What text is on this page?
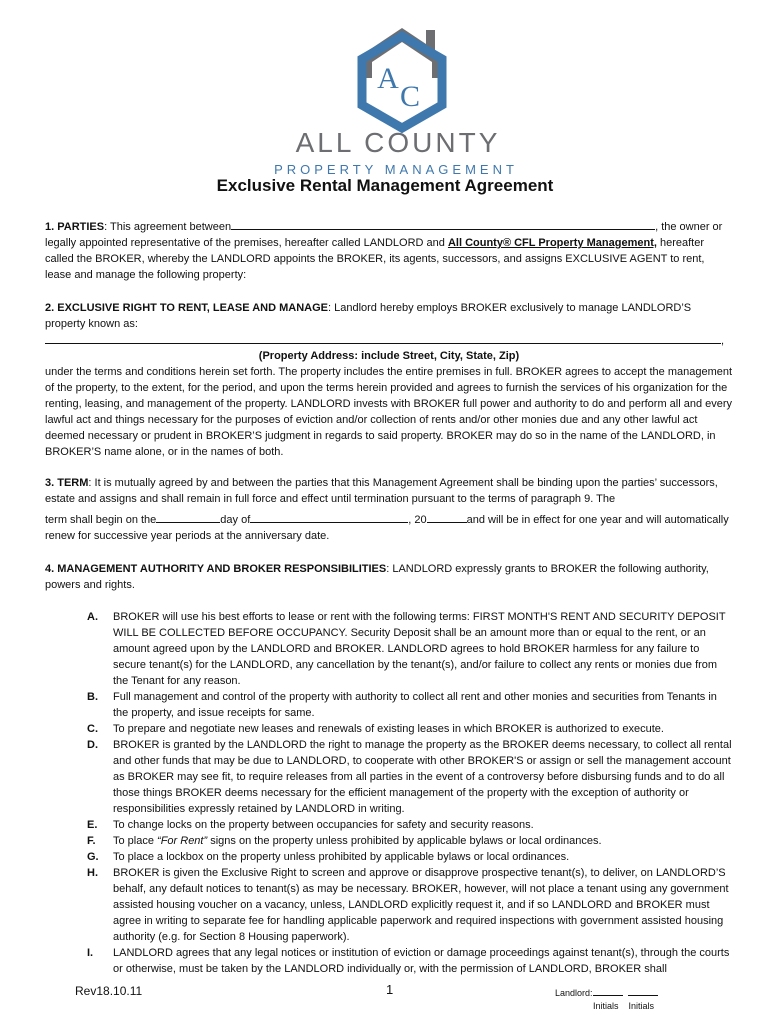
A
C
ALL COUNTY
PROPERTY MANAGEMENT
Exclusive Rental Management Agreement

1. PARTIES: This agreement between	, the owner or legally appointed representative of the premises, hereafter called LANDLORD and All County® CFL Property Management, hereafter called the BROKER, whereby the LANDLORD appoints the BROKER, its agents, successors, and assigns EXCLUSIVE AGENT to rent, lease and manage the following property:

2. EXCLUSIVE RIGHT TO RENT, LEASE AND MANAGE: Landlord hereby employs BROKER exclusively to manage LANDLORD’S property known as:
,

(Property Address: include Street, City, State, Zip)

under the terms and conditions herein set forth. The property includes the entire premises in full. BROKER agrees to accept the management of the property, to the extent, for the period, and upon the terms herein provided and agrees to furnish the services of his organization for the renting, leasing, and management of the property. LANDLORD invests with BROKER full power and authority to do and perform all and every lawful act and things necessary for the purposes of eviction and/or collection of rents and/or other monies due and any other lawful act deemed necessary or prudent in BROKER’S judgment in regards to said property. BROKER may do so in the name of the LANDLORD, in BROKER’S name alone, or in the names of both.

3. TERM: It is mutually agreed by and between the parties that this Management Agreement shall be binding upon the parties’ successors, estate and assigns and shall remain in full force and effect until termination pursuant to the terms of paragraph 9. The

term shall begin on the	day of	, 20	and will be in effect for one year and will automatically renew for successive year periods at the anniversary date.

4. MANAGEMENT AUTHORITY AND BROKER RESPONSIBILITIES: LANDLORD expressly grants to BROKER the following authority, powers and rights.

A. BROKER will use his best efforts to lease or rent with the following terms: FIRST MONTH'S RENT AND SECURITY DEPOSIT WILL BE COLLECTED BEFORE OCCUPANCY. Security Deposit shall be an amount more than or equal to the rent, or an amount agreed upon by the LANDLORD and BROKER. LANDLORD agrees to hold BROKER harmless for any failure to secure tenant(s) for the LANDLORD, any cancellation by the tenant(s), and/or failure to collect any rents or monies due from the Tenant for any reason.
B. Full management and control of the property with authority to collect all rent and other monies and securities from Tenants in the property, and issue receipts for same.
C. To prepare and negotiate new leases and renewals of existing leases in which BROKER is authorized to execute.
D. BROKER is granted by the LANDLORD the right to manage the property as the BROKER deems necessary, to collect all rental and other funds that may be due to LANDLORD, to cooperate with other BROKER'S or assign or sell the management account as BROKER may see fit, to require releases from all parties in the event of a controversy before disbursing funds and to do all those things BROKER deems necessary for the efficient management of the property with the exception of authority or responsibilities expressly retained by LANDLORD in writing.
E. To change locks on the property between occupancies for safety and security reasons.
F. To place “For Rent” signs on the property unless prohibited by applicable bylaws or local ordinances.
G. To place a lockbox on the property unless prohibited by applicable bylaws or local ordinances.
H. BROKER is given the Exclusive Right to screen and approve or disapprove prospective tenant(s), to deliver, on LANDLORD’S behalf, any default notices to tenant(s) as may be necessary. BROKER, however, will not place a tenant using any government assisted housing voucher on a vacancy, unless, LANDLORD explicitly request it, and if so LANDLORD and BROKER must agree in writing to separate fee for handling applicable paperwork and required inspections with government assisted housing authority (e.g. for Section 8 Housing paperwork).
I. LANDLORD agrees that any legal notices or institution of eviction or damage proceedings against tenant(s), through the courts or otherwise, must be taken by the LANDLORD individually or, with the permission of LANDLORD, BROKER shall
Rev18.10.11	1	Landlord:
Initials Initials
